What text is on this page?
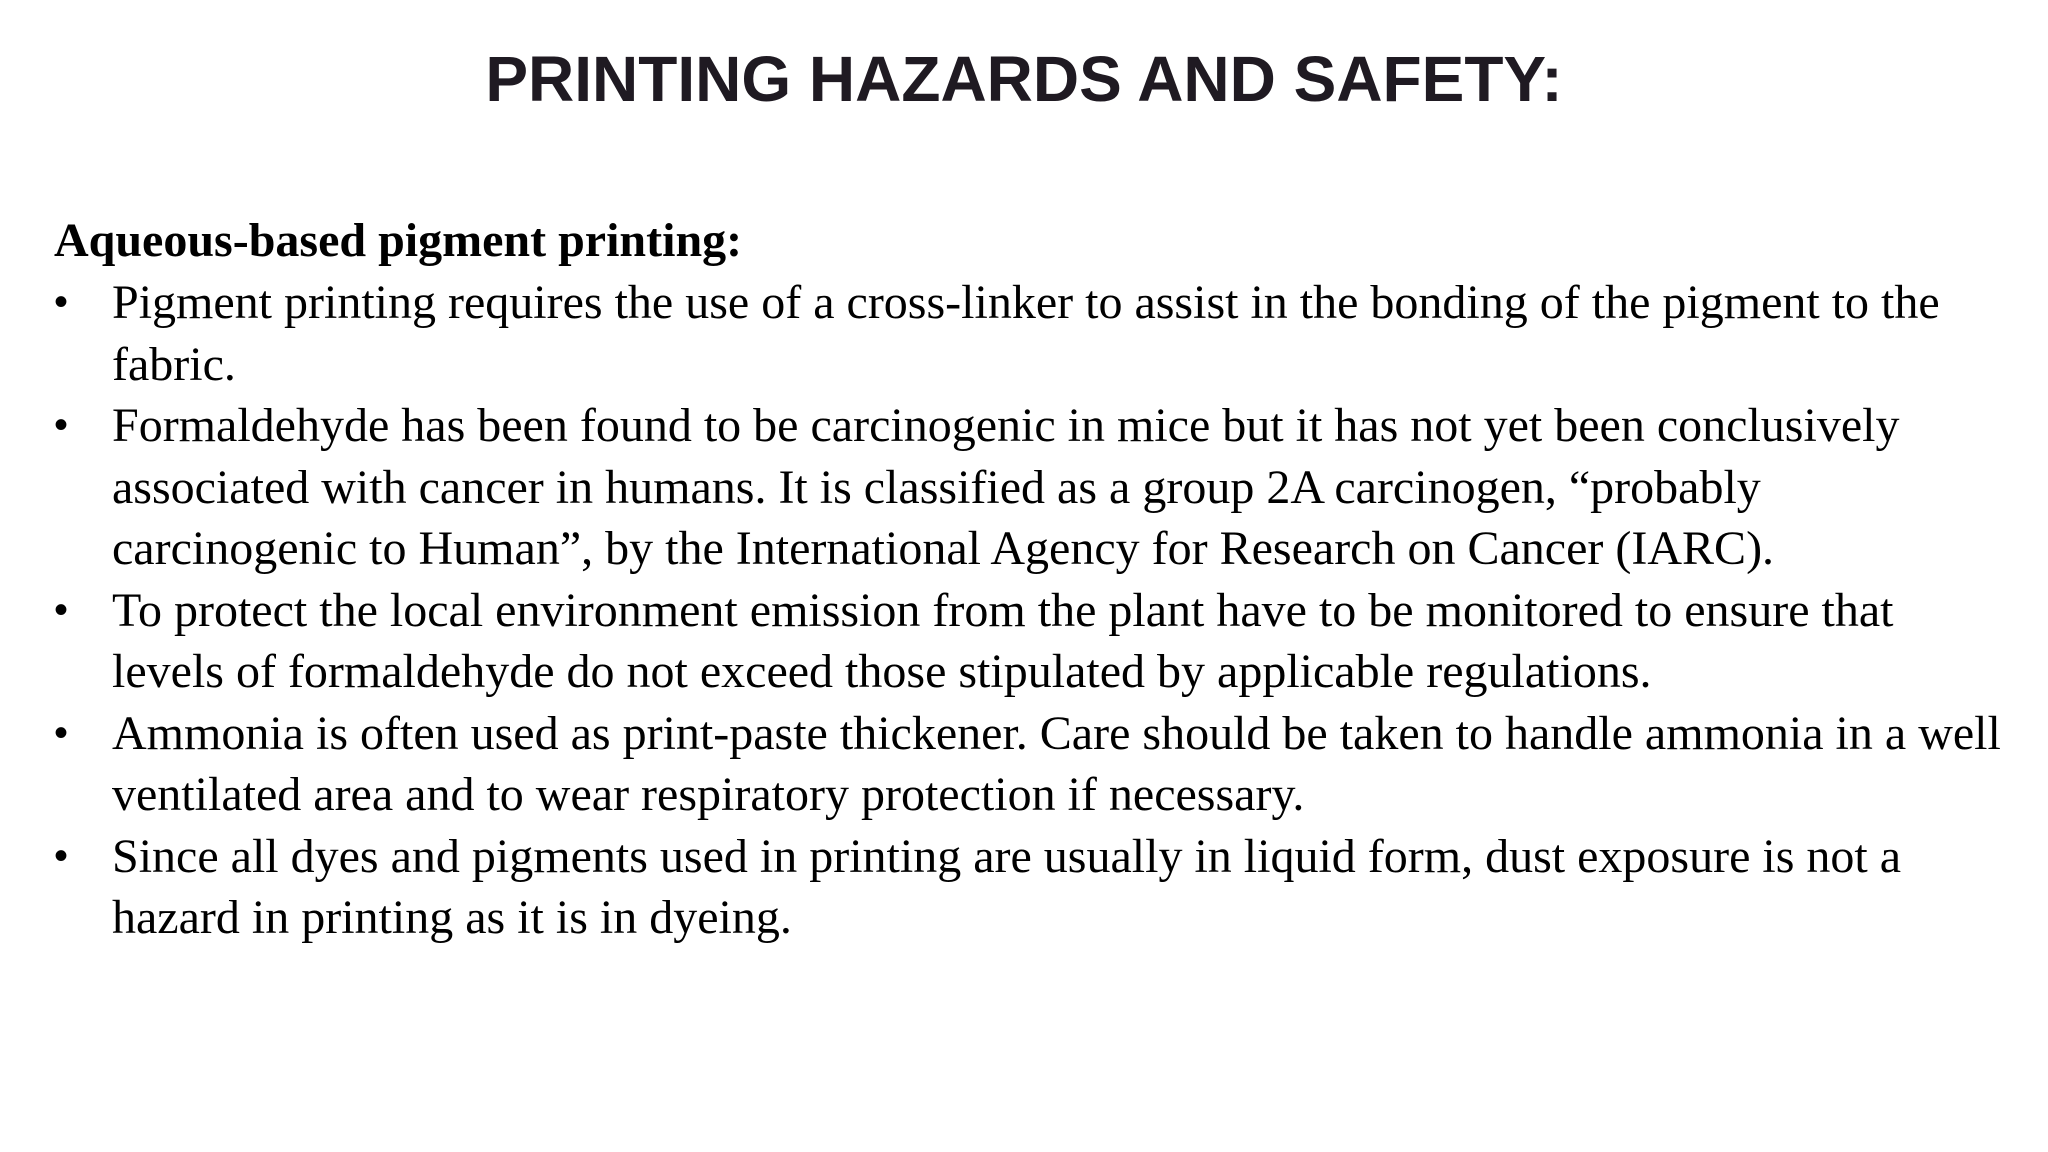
PRINTING HAZARDS AND SAFETY:

Aqueous-based pigment printing:

• Pigment printing requires the use of a cross-linker to assist in the bonding of the pigment to the fabric.
• Formaldehyde has been found to be carcinogenic in mice but it has not yet been conclusively associated with cancer in humans. It is classified as a group 2A carcinogen, “probably carcinogenic to Human”, by the International Agency for Research on Cancer (IARC).
• To protect the local environment emission from the plant have to be monitored to ensure that levels of formaldehyde do not exceed those stipulated by applicable regulations.
• Ammonia is often used as print-paste thickener. Care should be taken to handle ammonia in a well ventilated area and to wear respiratory protection if necessary.
• Since all dyes and pigments used in printing are usually in liquid form, dust exposure is not a hazard in printing as it is in dyeing.
